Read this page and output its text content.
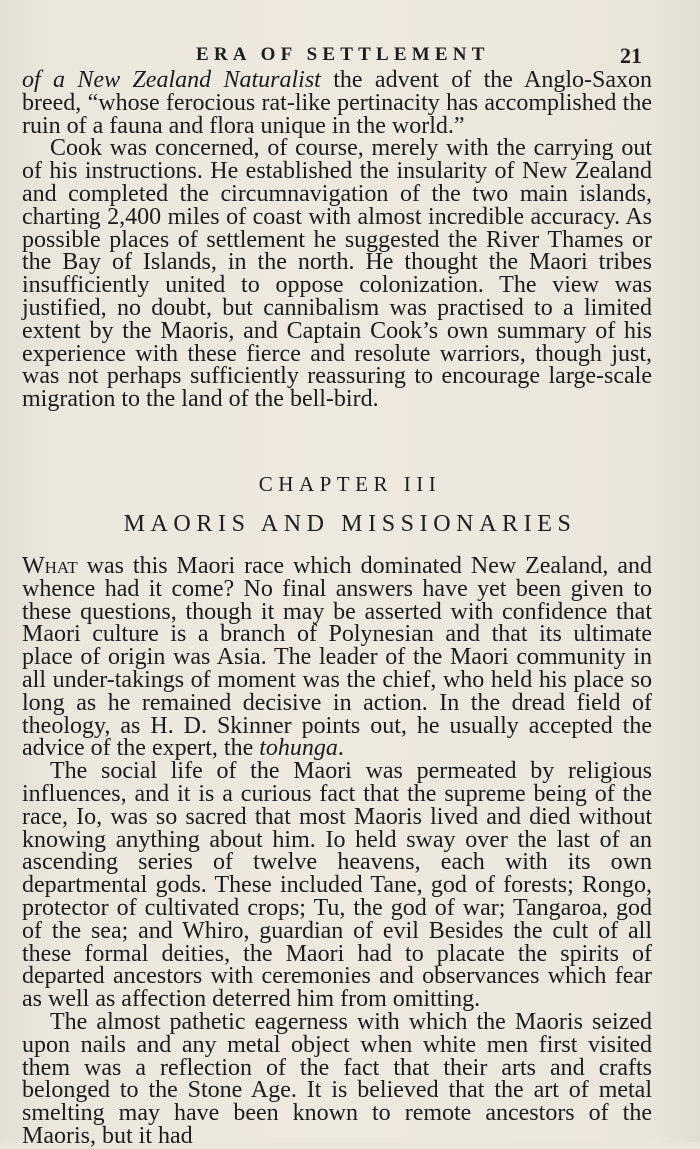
ERA OF SETTLEMENT	21

of a New Zealand Naturalist the advent of the Anglo-Saxon breed, “whose ferocious rat-like pertinacity has accomplished the ruin of a fauna and flora unique in the world.”

Cook was concerned, of course, merely with the carrying out of his instructions. He established the insularity of New Zealand and completed the circumnavigation of the two main islands, charting 2,400 miles of coast with almost incredible accuracy. As possible places of settlement he suggested the River Thames or the Bay of Islands, in the north. He thought the Maori tribes insufficiently united to oppose colonization. The view was justified, no doubt, but cannibalism was practised to a limited extent by the Maoris, and Captain Cook’s own summary of his experience with these fierce and resolute warriors, though just, was not perhaps sufficiently reassuring to encourage large-scale migration to the land of the bell-bird.

CHAPTER III
MAORIS AND MISSIONARIES

What was this Maori race which dominated New Zealand, and whence had it come? No final answers have yet been given to these questions, though it may be asserted with confidence that Maori culture is a branch of Polynesian and that its ultimate place of origin was Asia. The leader of the Maori community in all under-takings of moment was the chief, who held his place so long as he remained decisive in action. In the dread field of theology, as H. D. Skinner points out, he usually accepted the advice of the expert, the tohunga.

The social life of the Maori was permeated by religious influences, and it is a curious fact that the supreme being of the race, Io, was so sacred that most Maoris lived and died without knowing anything about him. Io held sway over the last of an ascending series of twelve heavens, each with its own departmental gods. These included Tane, god of forests; Rongo, protector of cultivated crops; Tu, the god of war; Tangaroa, god of the sea; and Whiro, guardian of evil Besides the cult of all these formal deities, the Maori had to placate the spirits of departed ancestors with ceremonies and observances which fear as well as affection deterred him from omitting.

The almost pathetic eagerness with which the Maoris seized upon nails and any metal object when white men first visited them was a reflection of the fact that their arts and crafts belonged to the Stone Age. It is believed that the art of metal smelting may have been known to remote ancestors of the Maoris, but it had
